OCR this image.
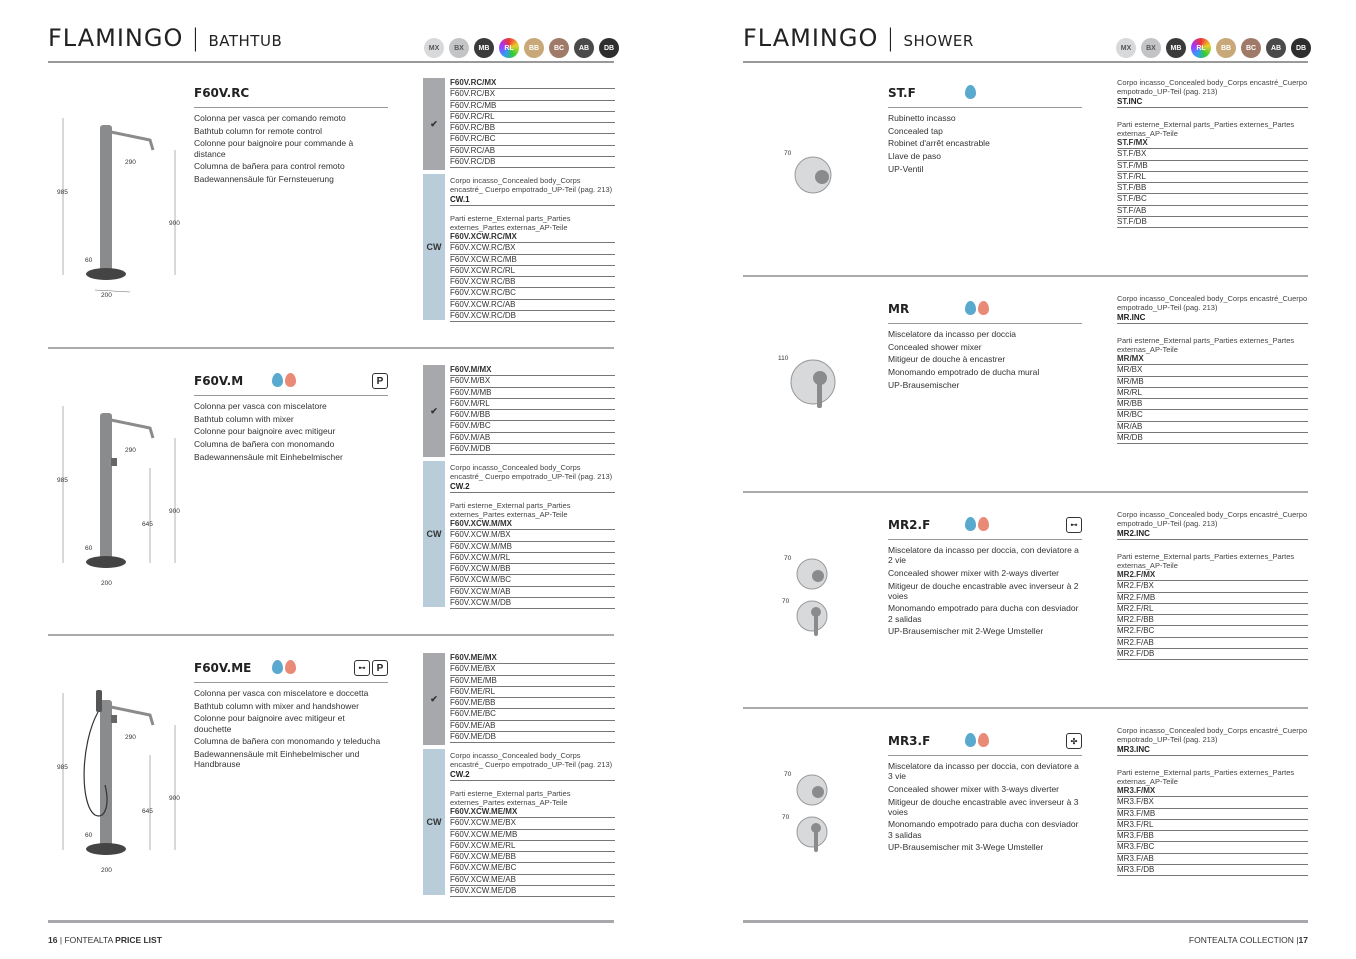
FLAMINGO | BATHTUB	MX	BX	MB	RL	BB	BC	AB	DB
985
290
900
60
200
F60V.RC
Colonna per vasca per comando remoto
Bathtub column for remote control
Colonne pour baignoire pour commande à distance
Columna de bañera para control remoto
Badewannensäule für Fernsteuerung
✔
F60V.RC/MX
F60V.RC/BX
F60V.RC/MB
F60V.RC/RL
F60V.RC/BB
F60V.RC/BC
F60V.RC/AB
F60V.RC/DB
CW
Corpo incasso_Concealed body_Corps encastré_ Cuerpo empotrado_UP-Teil (pag. 213)
CW.1
Parti esterne_External parts_Parties externes_Partes externas_AP-Teile
F60V.XCW.RC/MX
F60V.XCW.RC/BX
F60V.XCW.RC/MB
F60V.XCW.RC/RL
F60V.XCW.RC/BB
F60V.XCW.RC/BC
F60V.XCW.RC/AB
F60V.XCW.RC/DB
985
290
900
645
60
200
F60V.M	P
Colonna per vasca con miscelatore
Bathtub column with mixer
Colonne pour baignoire avec mitigeur
Columna de bañera con monomando
Badewannensäule mit Einhebelmischer
✔
F60V.M/MX
F60V.M/BX
F60V.M/MB
F60V.M/RL
F60V.M/BB
F60V.M/BC
F60V.M/AB
F60V.M/DB
CW
Corpo incasso_Concealed body_Corps encastré_ Cuerpo empotrado_UP-Teil (pag. 213)
CW.2
Parti esterne_External parts_Parties externes_Partes externas_AP-Teile
F60V.XCW.M/MX
F60V.XCW.M/BX
F60V.XCW.M/MB
F60V.XCW.M/RL
F60V.XCW.M/BB
F60V.XCW.M/BC
F60V.XCW.M/AB
F60V.XCW.M/DB
985
290
900
645
60
200
F60V.ME	⊷	P
Colonna per vasca con miscelatore e doccetta
Bathtub column with mixer and handshower
Colonne pour baignoire avec mitigeur et douchette
Columna de bañera con monomando y teleducha
Badewannensäule mit Einhebelmischer und Handbrause
✔
F60V.ME/MX
F60V.ME/BX
F60V.ME/MB
F60V.ME/RL
F60V.ME/BB
F60V.ME/BC
F60V.ME/AB
F60V.ME/DB
CW
Corpo incasso_Concealed body_Corps encastré_ Cuerpo empotrado_UP-Teil (pag. 213)
CW.2
Parti esterne_External parts_Parties externes_Partes externas_AP-Teile
F60V.XCW.ME/MX
F60V.XCW.ME/BX
F60V.XCW.ME/MB
F60V.XCW.ME/RL
F60V.XCW.ME/BB
F60V.XCW.ME/BC
F60V.XCW.ME/AB
F60V.XCW.ME/DB
16 | FONTEALTA PRICE LIST
FLAMINGO | SHOWER	MX	BX	MB	RL	BB	BC	AB	DB
70
ST.F
Rubinetto incasso
Concealed tap
Robinet d'arrêt encastrable
Llave de paso
UP-Ventil
Corpo incasso_Concealed body_Corps encastré_Cuerpo empotrado_UP-Teil (pag. 213)
ST.INC
Parti esterne_External parts_Parties externes_Partes externas_AP-Teile
ST.F/MX
ST.F/BX
ST.F/MB
ST.F/RL
ST.F/BB
ST.F/BC
ST.F/AB
ST.F/DB
110
MR
Miscelatore da incasso per doccia
Concealed shower mixer
Mitigeur de douche à encastrer
Monomando empotrado de ducha mural
UP-Brausemischer
Corpo incasso_Concealed body_Corps encastré_Cuerpo empotrado_UP-Teil (pag. 213)
MR.INC
Parti esterne_External parts_Parties externes_Partes externas_AP-Teile
MR/MX
MR/BX
MR/MB
MR/RL
MR/BB
MR/BC
MR/AB
MR/DB
70
70
MR2.F	⊷
Miscelatore da incasso per doccia, con deviatore a 2 vie
Concealed shower mixer with 2-ways diverter
Mitigeur de douche encastrable avec inverseur à 2 voies
Monomando empotrado para ducha con desviador 2 salidas
UP-Brausemischer mit 2-Wege Umsteller
Corpo incasso_Concealed body_Corps encastré_Cuerpo empotrado_UP-Teil (pag. 213)
MR2.INC
Parti esterne_External parts_Parties externes_Partes externas_AP-Teile
MR2.F/MX
MR2.F/BX
MR2.F/MB
MR2.F/RL
MR2.F/BB
MR2.F/BC
MR2.F/AB
MR2.F/DB
70
70
MR3.F	✣
Miscelatore da incasso per doccia, con deviatore a 3 vie
Concealed shower mixer with 3-ways diverter
Mitigeur de douche encastrable avec inverseur à 3 voies
Monomando empotrado para ducha con desviador 3 salidas
UP-Brausemischer mit 3-Wege Umsteller
Corpo incasso_Concealed body_Corps encastré_Cuerpo empotrado_UP-Teil (pag. 213)
MR3.INC
Parti esterne_External parts_Parties externes_Partes externas_AP-Teile
MR3.F/MX
MR3.F/BX
MR3.F/MB
MR3.F/RL
MR3.F/BB
MR3.F/BC
MR3.F/AB
MR3.F/DB
FONTEALTA COLLECTION |17
